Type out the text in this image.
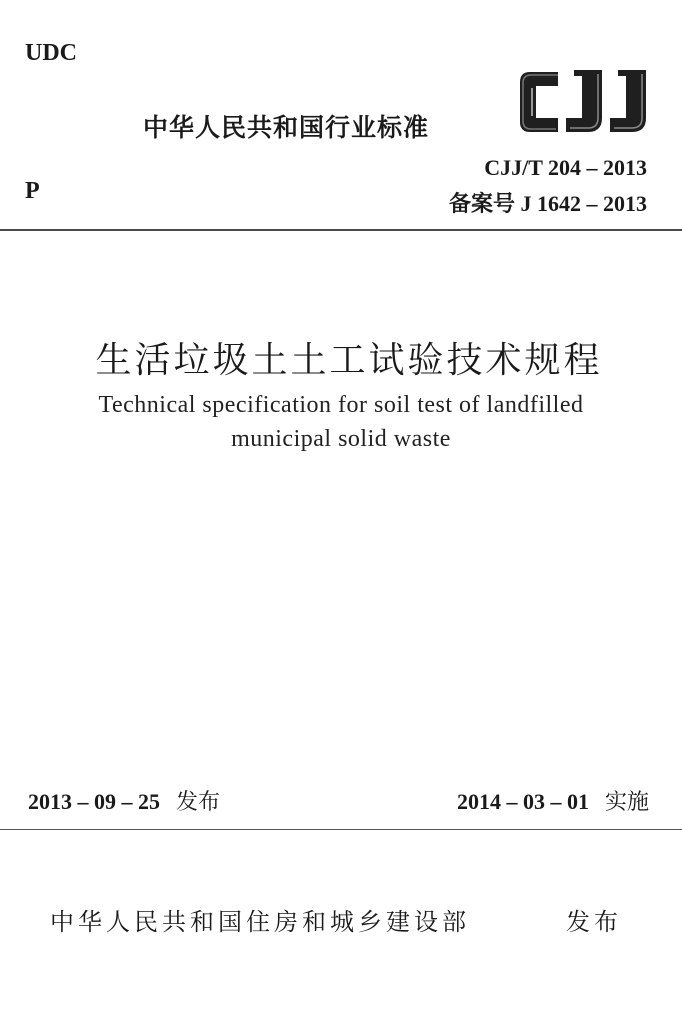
UDC
P
中华人民共和国行业标准
CJJ/T 204 – 2013
备案号 J 1642 – 2013
生活垃圾土土工试验技术规程
Technical specification for soil test of landfilled
municipal solid waste
2013 – 09 – 25 发布	2014 – 03 – 01 实施
中华人民共和国住房和城乡建设部	发布
